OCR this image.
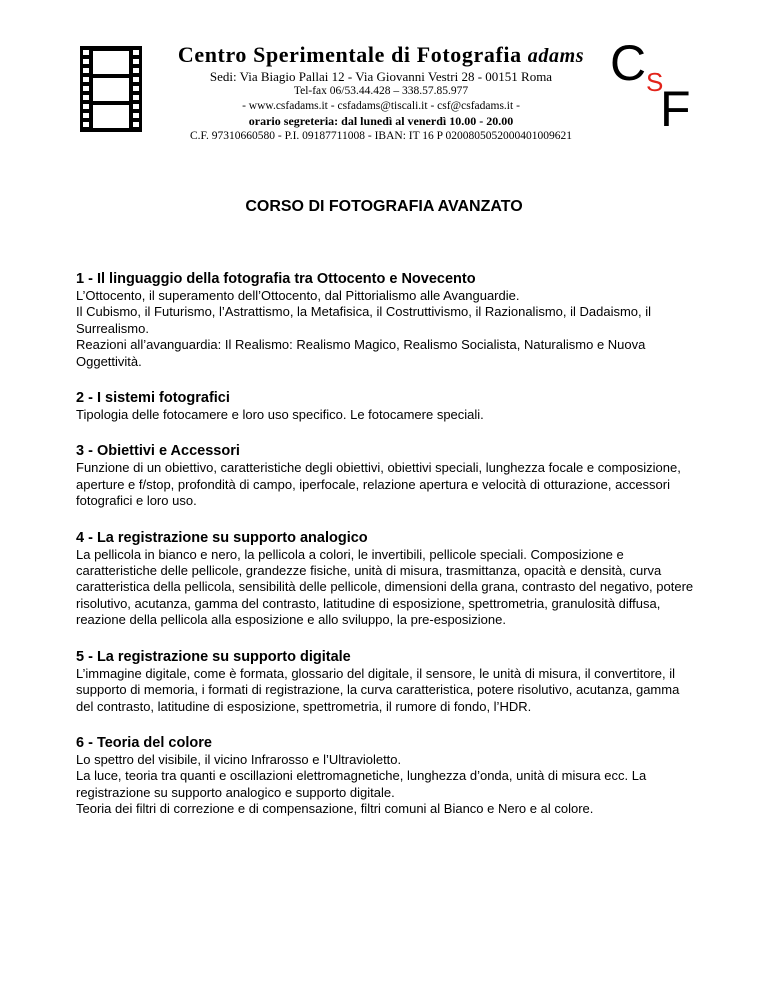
Centro Sperimentale di Fotografia adams
Sedi: Via Biagio Pallai 12 - Via Giovanni Vestri 28 - 00151 Roma
Tel-fax 06/53.44.428 – 338.57.85.977
- www.csfadams.it - csfadams@tiscali.it - csf@csfadams.it -
orario segreteria: dal lunedì al venerdì 10.00 - 20.00
C.F. 97310660580 - P.I. 09187711008 - IBAN: IT 16 P 0200805052000401009621
C S
F
CORSO DI FOTOGRAFIA AVANZATO
1 - Il linguaggio della fotografia tra Ottocento e Novecento

L’Ottocento, il superamento dell’Ottocento, dal Pittorialismo alle Avanguardie.

Il Cubismo, il Futurismo, l’Astrattismo, la Metafisica, il Costruttivismo, il Razionalismo, il Dadaismo, il Surrealismo.

Reazioni all’avanguardia: Il Realismo: Realismo Magico, Realismo Socialista, Naturalismo e Nuova Oggettività.

2 - I sistemi fotografici

Tipologia delle fotocamere e loro uso specifico. Le fotocamere speciali.

3 - Obiettivi e Accessori

Funzione di un obiettivo, caratteristiche degli obiettivi, obiettivi speciali, lunghezza focale e composizione, aperture e f/stop, profondità di campo, iperfocale, relazione apertura e velocità di otturazione, accessori fotografici e loro uso.

4 - La registrazione su supporto analogico

La pellicola in bianco e nero, la pellicola a colori, le invertibili, pellicole speciali. Composizione e caratteristiche delle pellicole, grandezze fisiche, unità di misura, trasmittanza, opacità e densità, curva caratteristica della pellicola, sensibilità delle pellicole, dimensioni della grana, contrasto del negativo, potere risolutivo, acutanza, gamma del contrasto, latitudine di esposizione, spettrometria, granulosità diffusa, reazione della pellicola alla esposizione e allo sviluppo, la pre-esposizione.

5 - La registrazione su supporto digitale

L’immagine digitale, come è formata, glossario del digitale, il sensore, le unità di misura, il convertitore, il supporto di memoria, i formati di registrazione, la curva caratteristica, potere risolutivo, acutanza, gamma del contrasto, latitudine di esposizione, spettrometria, il rumore di fondo, l’HDR.

6 - Teoria del colore

Lo spettro del visibile, il vicino Infrarosso e l’Ultravioletto.

La luce, teoria tra quanti e oscillazioni elettromagnetiche, lunghezza d’onda, unità di misura ecc. La registrazione su supporto analogico e supporto digitale.

Teoria dei filtri di correzione e di compensazione, filtri comuni al Bianco e Nero e al colore.
